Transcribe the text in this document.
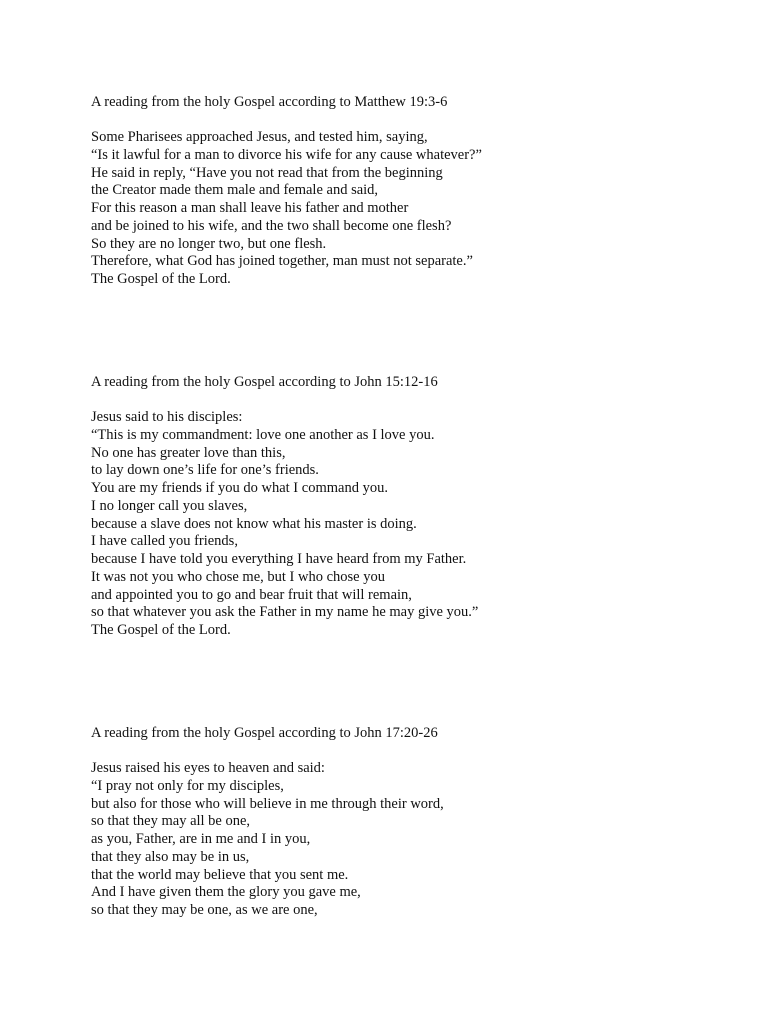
A reading from the holy Gospel according to Matthew 19:3-6
Some Pharisees approached Jesus, and tested him, saying,
“Is it lawful for a man to divorce his wife for any cause whatever?”
He said in reply, “Have you not read that from the beginning
the Creator made them male and female and said,
For this reason a man shall leave his father and mother
and be joined to his wife, and the two shall become one flesh?
So they are no longer two, but one flesh.
Therefore, what God has joined together, man must not separate.”
The Gospel of the Lord.
A reading from the holy Gospel according to John 15:12-16
Jesus said to his disciples:
“This is my commandment: love one another as I love you.
No one has greater love than this,
to lay down one’s life for one’s friends.
You are my friends if you do what I command you.
I no longer call you slaves,
because a slave does not know what his master is doing.
I have called you friends,
because I have told you everything I have heard from my Father.
It was not you who chose me, but I who chose you
and appointed you to go and bear fruit that will remain,
so that whatever you ask the Father in my name he may give you.”
The Gospel of the Lord.
A reading from the holy Gospel according to John 17:20-26
Jesus raised his eyes to heaven and said:
“I pray not only for my disciples,
but also for those who will believe in me through their word,
so that they may all be one,
as you, Father, are in me and I in you,
that they also may be in us,
that the world may believe that you sent me.
And I have given them the glory you gave me,
so that they may be one, as we are one,
